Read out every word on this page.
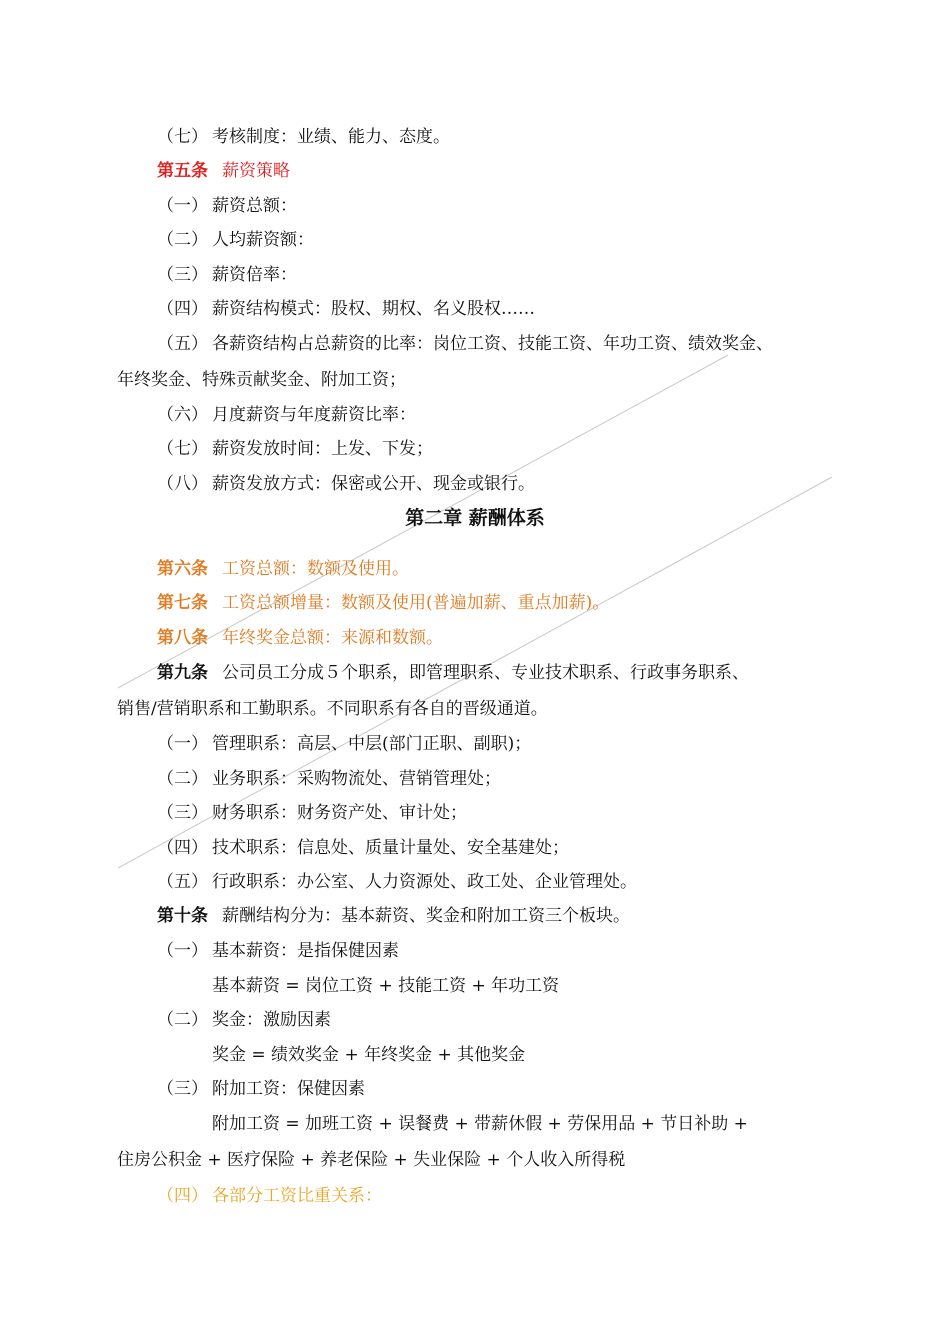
（七） 考核制度：业绩、能力、态度。
第五条 薪资策略
（一） 薪资总额：
（二） 人均薪资额：
（三） 薪资倍率：
（四） 薪资结构模式：股权、期权、名义股权……
（五） 各薪资结构占总薪资的比率：岗位工资、技能工资、年功工资、绩效奖金、
年终奖金、特殊贡献奖金、附加工资；
（六） 月度薪资与年度薪资比率：
（七） 薪资发放时间：上发、下发；
（八） 薪资发放方式：保密或公开、现金或银行。
第二章 薪酬体系
第六条 工资总额：数额及使用。
第七条 工资总额增量：数额及使用(普遍加薪、重点加薪)。
第八条 年终奖金总额：来源和数额。
第九条 公司员工分成５个职系，即管理职系、专业技术职系、行政事务职系、
销售/营销职系和工勤职系。不同职系有各自的晋级通道。
（一） 管理职系：高层、中层(部门正职、副职)；
（二） 业务职系：采购物流处、营销管理处；
（三） 财务职系：财务资产处、审计处；
（四） 技术职系：信息处、质量计量处、安全基建处；
（五） 行政职系：办公室、人力资源处、政工处、企业管理处。
第十条 薪酬结构分为：基本薪资、奖金和附加工资三个板块。
（一） 基本薪资：是指保健因素
基本薪资 = 岗位工资 + 技能工资 + 年功工资
（二） 奖金：激励因素
奖金 = 绩效奖金 + 年终奖金 + 其他奖金
（三） 附加工资：保健因素
附加工资 = 加班工资 + 误餐费 + 带薪休假 + 劳保用品 + 节日补助 +
住房公积金 + 医疗保险 + 养老保险 + 失业保险 + 个人收入所得税
（四） 各部分工资比重关系：
